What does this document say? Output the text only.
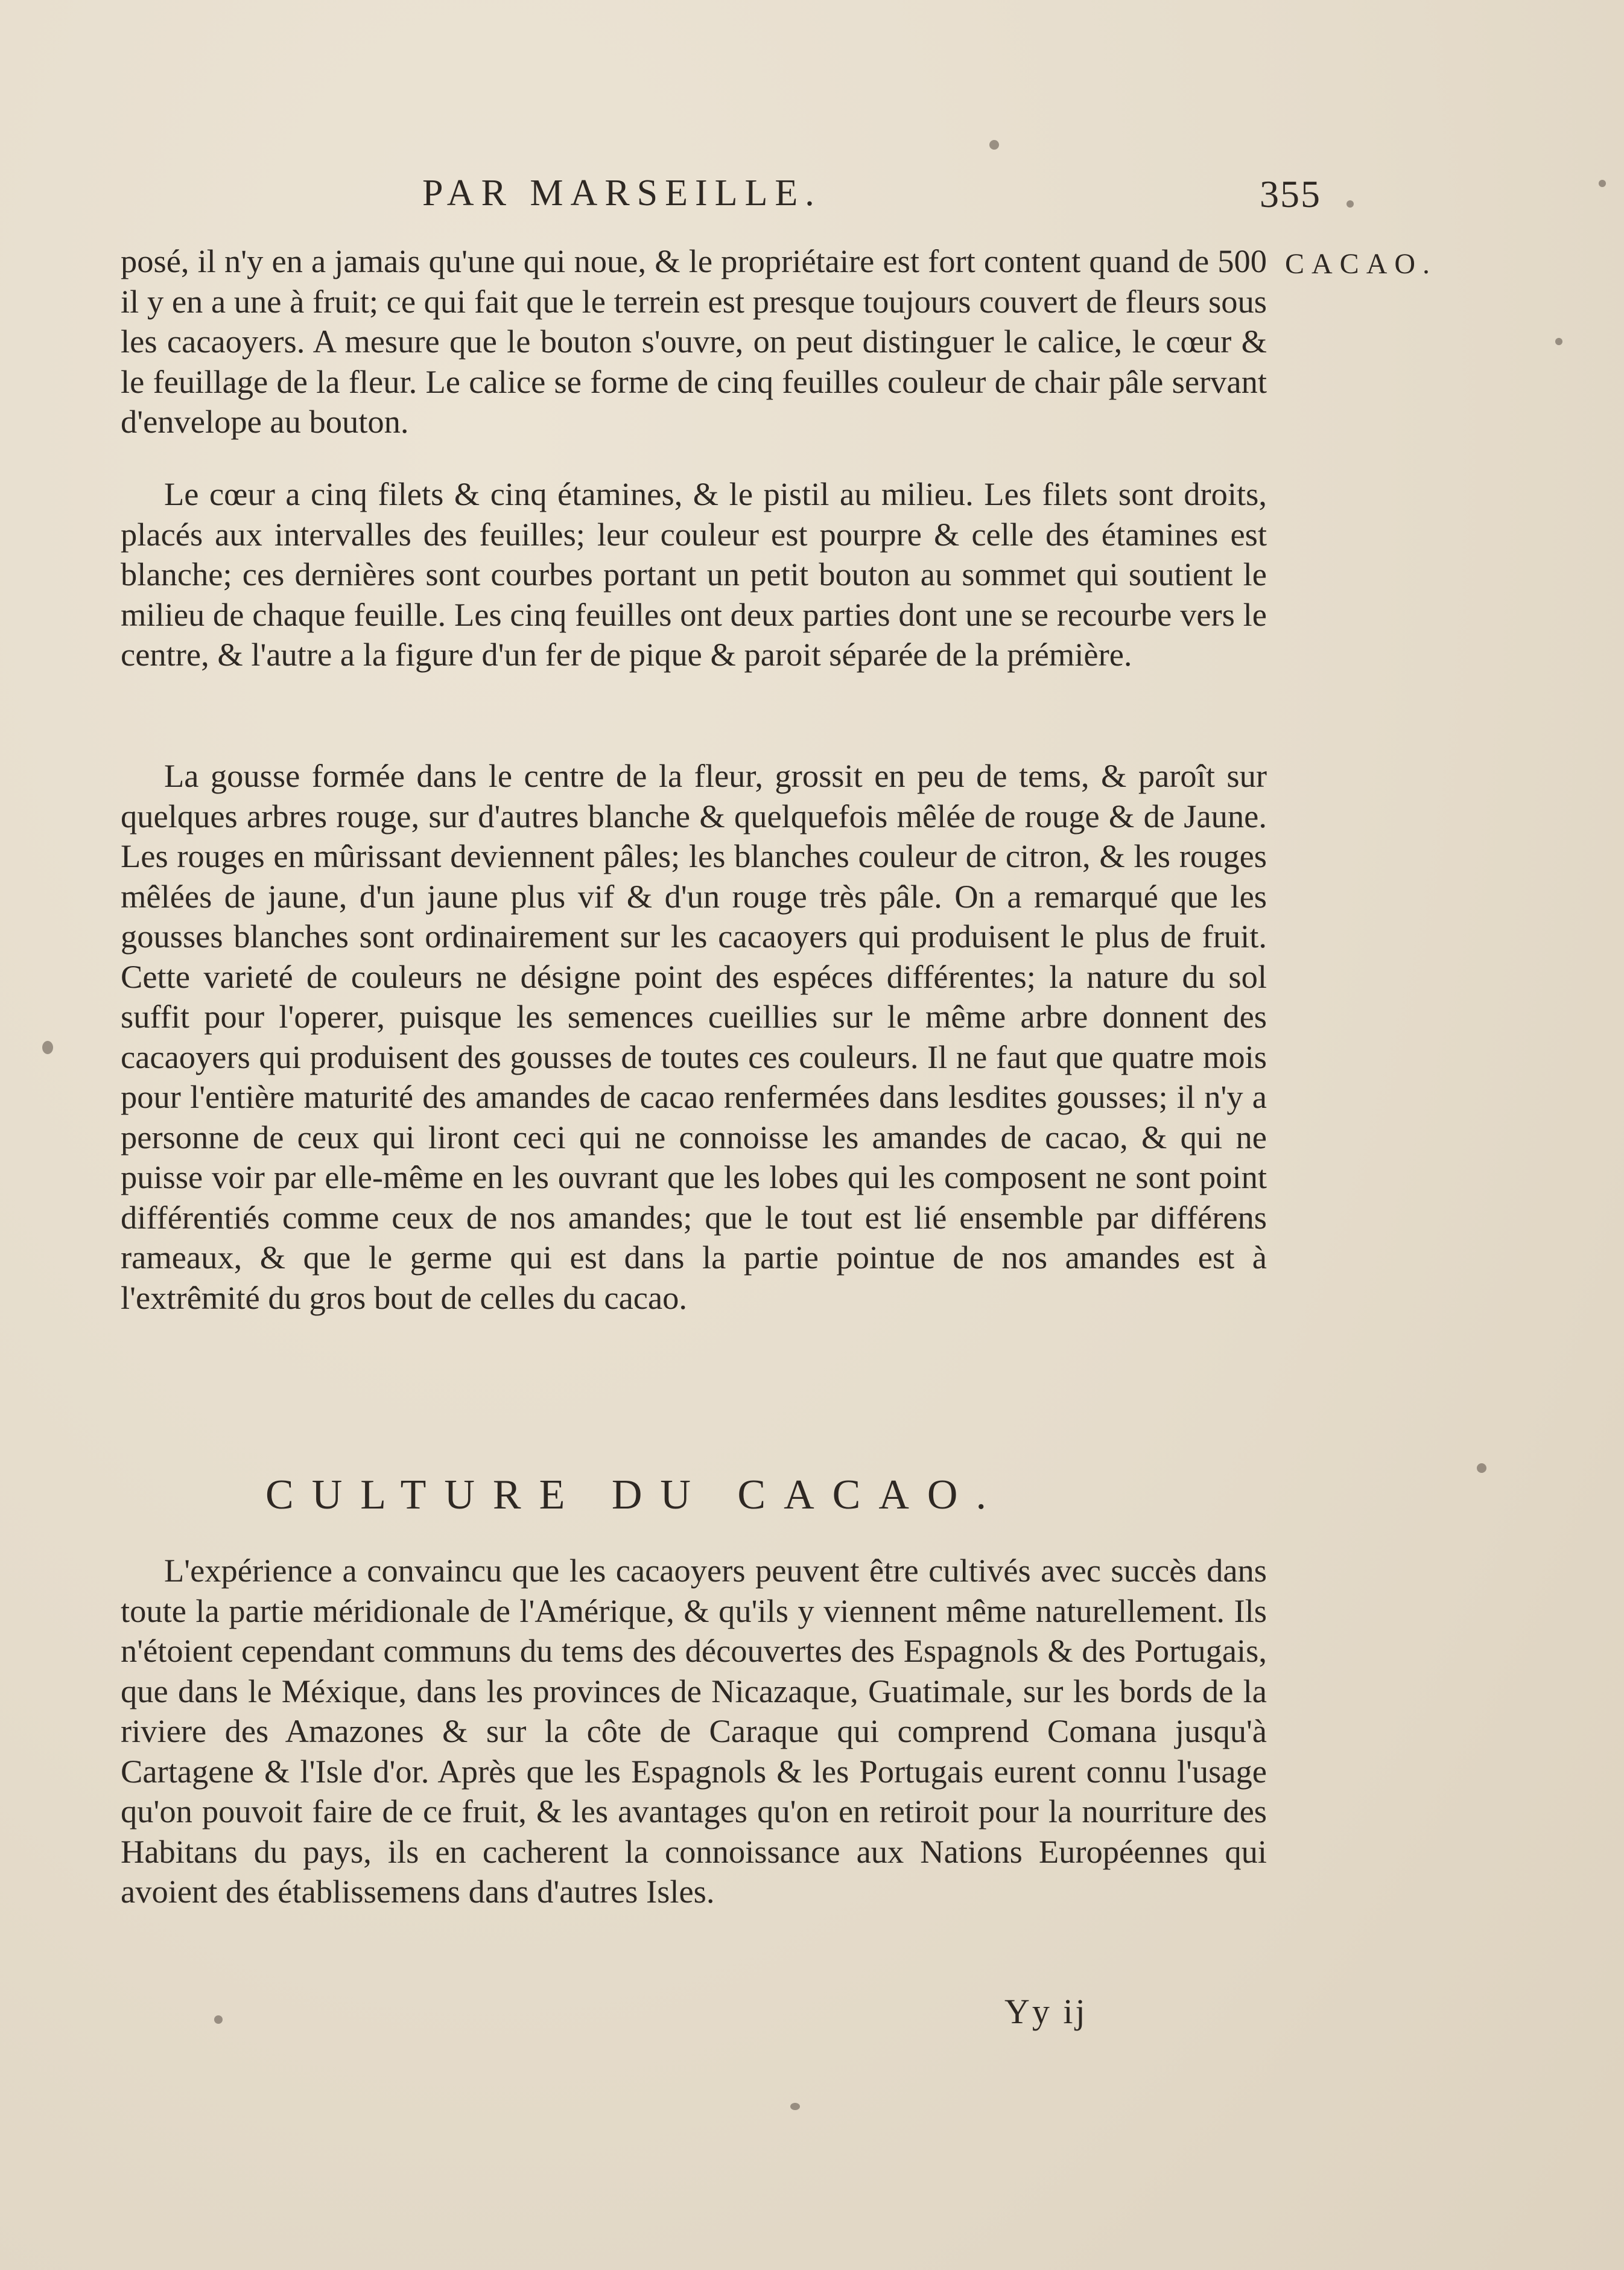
PAR MARSEILLE.	355
CACAO.

posé, il n'y en a jamais qu'une qui noue, & le propriétaire est fort content quand de 500 il y en a une à fruit; ce qui fait que le terrein est presque toujours couvert de fleurs sous les cacaoyers. A mesure que le bouton s'ouvre, on peut distinguer le calice, le cœur & le feuillage de la fleur. Le calice se forme de cinq feuilles couleur de chair pâle servant d'envelope au bouton.

Le cœur a cinq filets & cinq étamines, & le pistil au milieu. Les filets sont droits, placés aux intervalles des feuilles; leur couleur est pourpre & celle des étamines est blanche; ces dernières sont courbes portant un petit bouton au sommet qui soutient le milieu de chaque feuille. Les cinq feuilles ont deux parties dont une se recourbe vers le centre, & l'autre a la figure d'un fer de pique & paroit séparée de la prémière.

La gousse formée dans le centre de la fleur, grossit en peu de tems, & paroît sur quelques arbres rouge, sur d'autres blanche & quelquefois mêlée de rouge & de Jaune. Les rouges en mûrissant deviennent pâles; les blanches couleur de citron, & les rouges mêlées de jaune, d'un jaune plus vif & d'un rouge très pâle. On a remarqué que les gousses blanches sont ordinairement sur les cacaoyers qui produisent le plus de fruit. Cette varieté de couleurs ne désigne point des espéces différentes; la nature du sol suffit pour l'operer, puisque les semences cueillies sur le même arbre donnent des cacaoyers qui produisent des gousses de toutes ces couleurs. Il ne faut que quatre mois pour l'entière maturité des amandes de cacao renfermées dans lesdites gousses; il n'y a personne de ceux qui liront ceci qui ne connoisse les amandes de cacao, & qui ne puisse voir par elle-même en les ouvrant que les lobes qui les composent ne sont point différentiés comme ceux de nos amandes; que le tout est lié ensemble par différens rameaux, & que le germe qui est dans la partie pointue de nos amandes est à l'extrêmité du gros bout de celles du cacao.

CULTURE DU CACAO.

L'expérience a convaincu que les cacaoyers peuvent être cultivés avec succès dans toute la partie méridionale de l'Amérique, & qu'ils y viennent même naturellement. Ils n'étoient cependant communs du tems des découvertes des Espagnols & des Portugais, que dans le Méxique, dans les provinces de Nicazaque, Guatimale, sur les bords de la riviere des Amazones & sur la côte de Caraque qui comprend Comana jusqu'à Cartagene & l'Isle d'or. Après que les Espagnols & les Portugais eurent connu l'usage qu'on pouvoit faire de ce fruit, & les avantages qu'on en retiroit pour la nourriture des Habitans du pays, ils en cacherent la connoissance aux Nations Européennes qui avoient des établissemens dans d'autres Isles.

Yy ij
